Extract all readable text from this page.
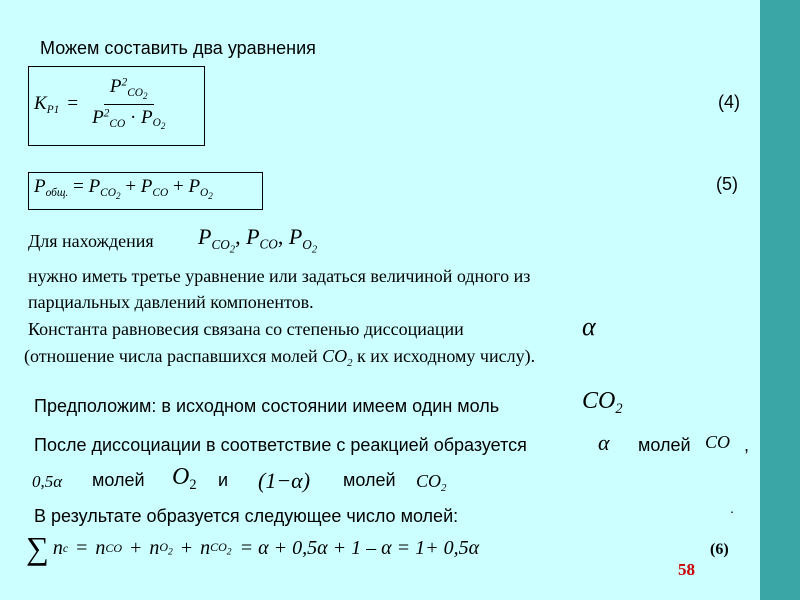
Можем составить два уравнения
$K_{P1} = \frac{P^2_{CO_2}}{P^2_{CO} \cdot P_{O_2}}$	(4)
$P_{общ.} = P_{CO_2} + P_{CO} + P_{O_2}$
(5)
Для нахождения $P_{CO_2}$, $P_{CO}$, $P_{O_2}$
нужно иметь третье уравнение или задаться величиной одного из
парциальных давлений компонентов.
Константа равновесия связана со степенью диссоциации	α
(отношение числа распавшихся молей $CO_2$ к их исходному числу).
Предположим: в исходном состоянии имеем один моль	$CO_2$
После диссоциации в соответствие с реакцией образуется	α молей CO ,
0,5α молей $O_2$ и (1−α) молей $CO_2$
В результате образуется следующее число молей:	.
∑ n c = n CO + n $O_2 + n$ $CO_2 = \alpha + 0,5\alpha + 1 - \alpha = 1+ 0,5\alpha$	(6)
58
